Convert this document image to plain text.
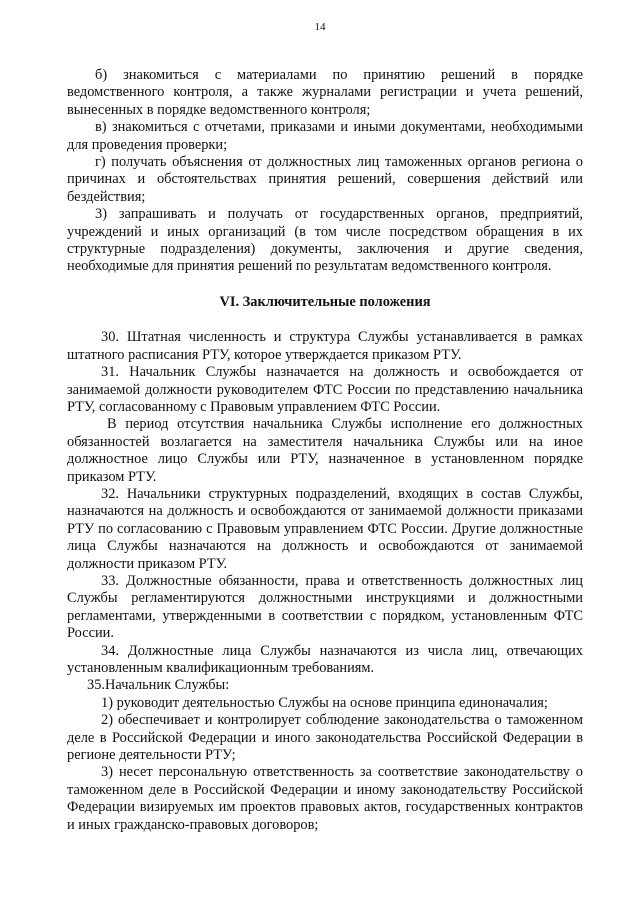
14

б) знакомиться с материалами по принятию решений в порядке ведомственного контроля, а также журналами регистрации и учета решений, вынесенных в порядке ведомственного контроля;

в) знакомиться с отчетами, приказами и иными документами, необходимыми для проведения проверки;

г) получать объяснения от должностных лиц таможенных органов региона о причинах и обстоятельствах принятия решений, совершения действий или бездействия;

3) запрашивать и получать от государственных органов, предприятий, учреждений и иных организаций (в том числе посредством обращения в их структурные подразделения) документы, заключения и другие сведения, необходимые для принятия решений по результатам ведомственного контроля.

VI. Заключительные положения

30. Штатная численность и структура Службы устанавливается в рамках штатного расписания РТУ, которое утверждается приказом РТУ.

31. Начальник Службы назначается на должность и освобождается от занимаемой должности руководителем ФТС России по представлению начальника РТУ, согласованному с Правовым управлением ФТС России.

В период отсутствия начальника Службы исполнение его должностных обязанностей возлагается на заместителя начальника Службы или на иное должностное лицо Службы или РТУ, назначенное в установленном порядке приказом РТУ.

32. Начальники структурных подразделений, входящих в состав Службы, назначаются на должность и освобождаются от занимаемой должности приказами РТУ по согласованию с Правовым управлением ФТС России. Другие должностные лица Службы назначаются на должность и освобождаются от занимаемой должности приказом РТУ.

33. Должностные обязанности, права и ответственность должностных лиц Службы регламентируются должностными инструкциями и должностными регламентами, утвержденными в соответствии с порядком, установленным ФТС России.

34. Должностные лица Службы назначаются из числа лиц, отвечающих установленным квалификационным требованиям.

35.Начальник Службы:

1) руководит деятельностью Службы на основе принципа единоначалия;

2) обеспечивает и контролирует соблюдение законодательства о таможенном деле в Российской Федерации и иного законодательства Российской Федерации в регионе деятельности РТУ;

3) несет персональную ответственность за соответствие законодательству о таможенном деле в Российской Федерации и иному законодательству Российской Федерации визируемых им проектов правовых актов, государственных контрактов и иных гражданско-правовых договоров;
